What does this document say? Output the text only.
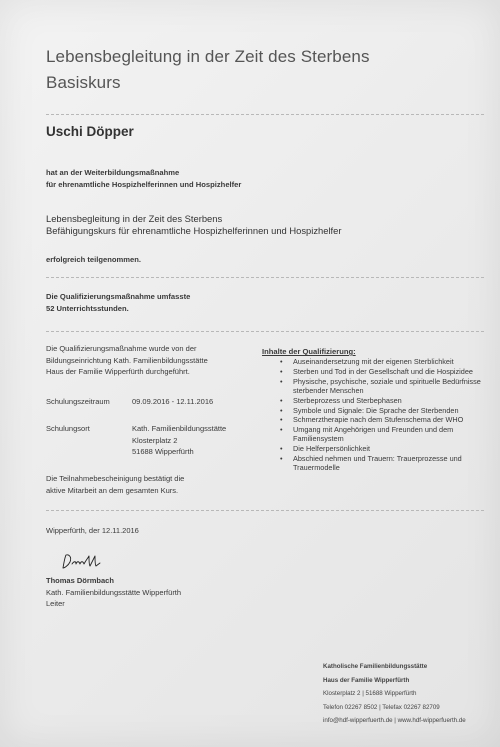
Lebensbegleitung in der Zeit des Sterbens
Basiskurs
Uschi Döpper
hat an der Weiterbildungsmaßnahme
für ehrenamtliche Hospizhelferinnen und Hospizhelfer
Lebensbegleitung in der Zeit des Sterbens
Befähigungskurs für ehrenamtliche Hospizhelferinnen und Hospizhelfer
erfolgreich teilgenommen.
Die Qualifizierungsmaßnahme umfasste
52 Unterrichtsstunden.
Die Qualifizierungsmaßnahme wurde von der
Bildungseinrichtung Kath. Familienbildungsstätte
Haus der Familie Wipperfürth durchgeführt.
Schulungszeitraum	09.09.2016 - 12.11.2016
Schulungsort	Kath. Familienbildungsstätte
Klosterplatz 2
51688 Wipperfürth
Die Teilnahmebescheinigung bestätigt die
aktive Mitarbeit an dem gesamten Kurs.
Inhalte der Qualifizierung:
• Auseinandersetzung mit der eigenen Sterblichkeit
• Sterben und Tod in der Gesellschaft und die Hospizidee
• Physische, psychische, soziale und spirituelle Bedürfnisse sterbender Menschen
• Sterbeprozess und Sterbephasen
• Symbole und Signale: Die Sprache der Sterbenden
• Schmerztherapie nach dem Stufenschema der WHO
• Umgang mit Angehörigen und Freunden und dem Familiensystem
• Die Helferpersönlichkeit
• Abschied nehmen und Trauern: Trauerprozesse und Trauermodelle
Wipperfürth, der 12.11.2016
Thomas Dörmbach
Kath. Familienbildungsstätte Wipperfürth
Leiter
Katholische Familienbildungsstätte
Haus der Familie Wipperfürth
Klosterplatz 2 | 51688 Wipperfürth
Telefon 02267 8502 | Telefax 02267 82709
info@hdf-wipperfuerth.de | www.hdf-wipperfuerth.de
